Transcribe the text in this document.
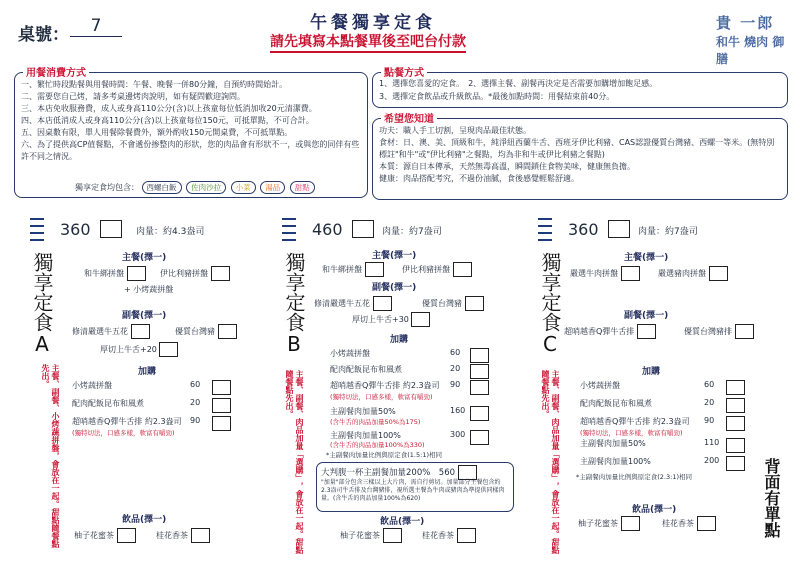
桌號：	7	午餐獨享定食
請先填寫本點餐單後至吧台付款
貴 一郎
和牛 燒肉 御膳
用餐消費方式
一、繁忙時段點餐與用餐時間：午餐、晚餐一併80分鐘，自預約時間始計。
二、需要您自己烤，請多考桌邊烤肉說明，如有疑問歡迎詢問。
三、本店免收服務費，成人或身高110公分(含)以上孩童每位低消加收20元清潔費。
四、本店低消成人或身高110公分(含)以上孩童每位150元，可抵單點，不可合計。
五、因桌數有限，單人用餐除餐費外，額外酌收150元開桌費，不可抵單點。
六、為了提供高CP值餐點，不會遞份掺整肉的形狀，您的肉品會有形狀不一，或與您的同伴有些許不同之情況。
獨享定食均包含： 西螺白飯 佐肉沙拉 小菜 湯品 甜點
點餐方式
1、選擇您喜愛的定食。　2、選擇主餐、副餐再決定是否需要加購增加飽足感。
3、選擇定食飲品或升級飲品。*最後加點時間：用餐結束前40分。
希望您知道
功夫：職人手工切割，呈現肉品最佳狀態。
食材：日、澳、美、頂級和牛，純淨紐西蘭牛舌、西班牙伊比利豬、CAS認證優質台灣豬、西螺一等米。(無特別標註"和牛"或"伊比利豬"之餐點，均為非和牛或伊比利豬之餐點)
本質：源自日本傳承，天然無毒高溫，瞬間鎖住食物美味，健康無負擔。
健康：肉品搭配考究，不過份油膩，食後感覺輕鬆舒適。
獨享定食A
主餐、副餐、小烤蔬拼盤，會放在一起。甜點隨餐點先出。
360	肉量：約4.3盎司
主餐(擇一)
和牛綁拼盤	伊比利豬拼盤
+ 小烤蔬拼盤
副餐(擇一)
修清嚴選牛五花	優質台灣豬
厚切上牛舌+20
加購
小烤蔬拼盤	60
配肉配飯昆布和風煮	20
超哨越香Q彈牛舌排 約2.3盎司 90
(獨特切法，口感多樣，軟富有嚼勁)
飲品(擇一)
柚子花蜜茶	桂花香茶
獨享定食B
主餐、副餐、肉品加量「選購」，會放在一起。甜點隨餐點先出。
460	肉量：約7盎司
主餐(擇一)
和牛綁拼盤	伊比利豬拼盤
副餐(擇一)
修清嚴選牛五花	優質台灣豬
厚切上牛舌+30
加購
小烤蔬拼盤	60
配肉配飯昆布和風煮	20
超哨越香Q彈牛舌排 約2.3盎司 90
(獨特切法，口感多樣，軟富有嚼勁)
主副餐肉加量50%	160
(含牛舌的肉品加量50%為175)
主副餐肉加量100%	300
(含牛舌的肉品加量100%為330)
*主副餐肉加量比例與原定食(1.5:1)相同
大判腹一杯主副餐加量200%　560
"加量"部分包含三樣以上大片肉，需自行剪切。加量部分主餐包含約2.3盎司牛舌排及台灣豬排，視所選主餐為牛肉或豬肉為準提供同樣肉量。(含牛舌的肉品加量100%為620)
飲品(擇一)
柚子花蜜茶	桂花香茶
獨享定食C
主餐、副餐、肉品加量「選購」，會放在一起。甜點隨餐點先出。
360	肉量：約7盎司
主餐(擇一)
嚴選牛肉拼盤	嚴選豬肉拼盤
副餐(擇一)
超哨越香Q彈牛舌排	優質台灣豬排
加購
小烤蔬拼盤	60
配肉配飯昆布和風煮	20
超哨越香Q彈牛舌排 約2.3盎司 90
(獨特切法，口感多樣，軟富有嚼勁)
主副餐肉加量50%	110
主副餐肉加量100%	200
*主副餐肉加量比例與原定食(2.3:1)相同
飲品(擇一)
柚子花蜜茶	桂花香茶	背面有單點
